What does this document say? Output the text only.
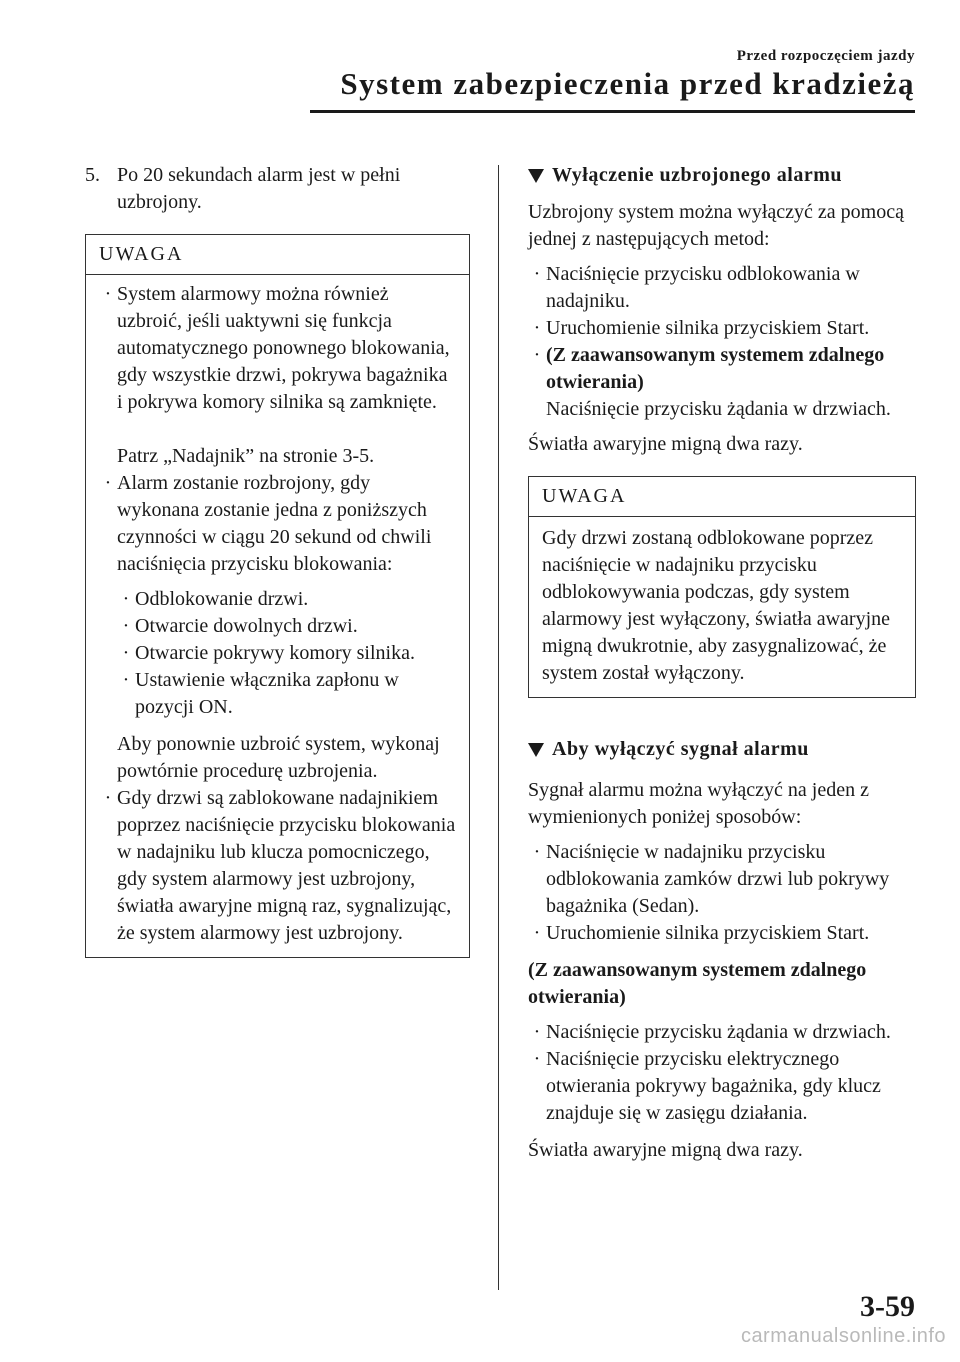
Przed rozpoczęciem jazdy
System zabezpieczenia przed kradzieżą
5. Po 20 sekundach alarm jest w pełni uzbrojony.
UWAGA
· System alarmowy można również uzbroić, jeśli uaktywni się funkcja automatycznego ponownego blokowania, gdy wszystkie drzwi, pokrywa bagażnika i pokrywa komory silnika są zamknięte.
Patrz „Nadajnik” na stronie 3-5.
· Alarm zostanie rozbrojony, gdy wykonana zostanie jedna z poniższych czynności w ciągu 20 sekund od chwili naciśnięcia przycisku blokowania:
· Odblokowanie drzwi.
· Otwarcie dowolnych drzwi.
· Otwarcie pokrywy komory silnika.
· Ustawienie włącznika zapłonu w pozycji ON.
Aby ponownie uzbroić system, wykonaj powtórnie procedurę uzbrojenia.
· Gdy drzwi są zablokowane nadajnikiem poprzez naciśnięcie przycisku blokowania w nadajniku lub klucza pomocniczego, gdy system alarmowy jest uzbrojony, światła awaryjne migną raz, sygnalizując, że system alarmowy jest uzbrojony.
Wyłączenie uzbrojonego alarmu
Uzbrojony system można wyłączyć za pomocą jednej z następujących metod:
· Naciśnięcie przycisku odblokowania w nadajniku.
· Uruchomienie silnika przyciskiem Start.
· (Z zaawansowanym systemem zdalnego otwierania)
Naciśnięcie przycisku żądania w drzwiach.
Światła awaryjne migną dwa razy.
UWAGA
Gdy drzwi zostaną odblokowane poprzez naciśnięcie w nadajniku przycisku odblokowywania podczas, gdy system alarmowy jest wyłączony, światła awaryjne migną dwukrotnie, aby zasygnalizować, że system został wyłączony.
Aby wyłączyć sygnał alarmu
Sygnał alarmu można wyłączyć na jeden z wymienionych poniżej sposobów:
· Naciśnięcie w nadajniku przycisku odblokowania zamków drzwi lub pokrywy bagażnika (Sedan).
· Uruchomienie silnika przyciskiem Start.
(Z zaawansowanym systemem zdalnego otwierania)
· Naciśnięcie przycisku żądania w drzwiach.
· Naciśnięcie przycisku elektrycznego otwierania pokrywy bagażnika, gdy klucz znajduje się w zasięgu działania.
Światła awaryjne migną dwa razy.
3-59
carmanualsonline.info
